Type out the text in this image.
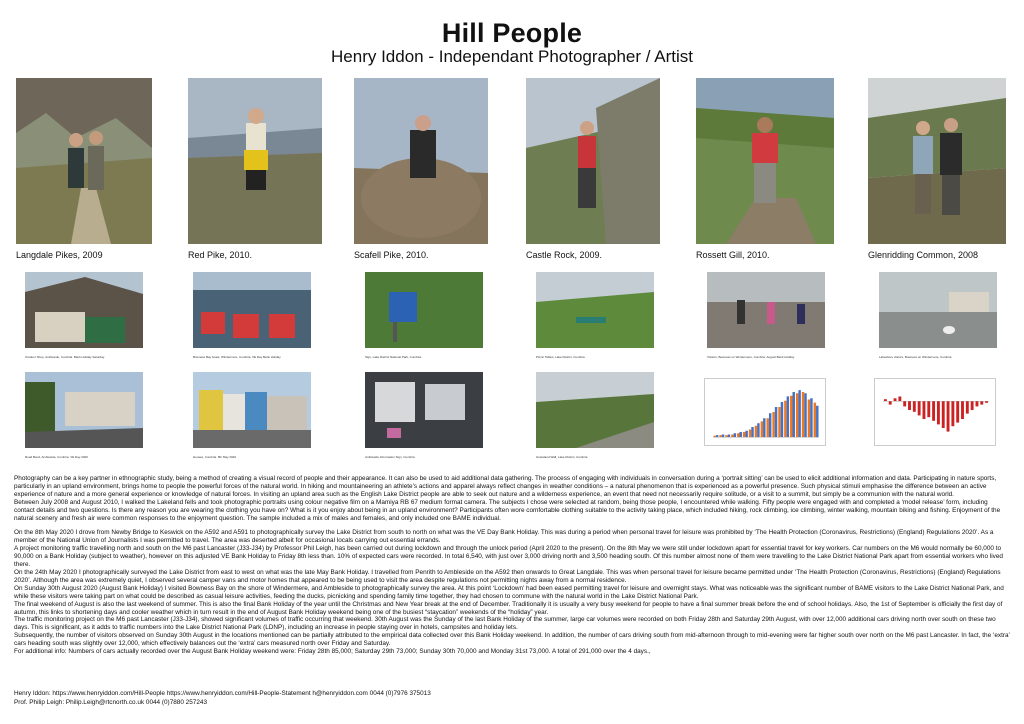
Hill People
Henry Iddon - Independant Photographer / Artist
Langdale Pikes, 2009	Red Pike, 2010.	Scafell Pike, 2010.	Castle Rock, 2009.	Rossett Gill, 2010.	Glenridding Common, 2008
Outdoor Shop, Ambleside, Cumbria. Bank Holiday Saturday	Bowness Bay boats, Windermere, Cumbria. VE Day Bank Holiday	Sign, Lake District National Park, Cumbria	Picnic Tables, Lake District, Cumbria	Visitors, Bowness on Windermere, Cumbria. August Bank Holiday	Lakeshore visitors, Bowness on Windermere, Cumbria
Road Bend, Ambleside, Cumbria. VE Day 2020	Houses, Cumbria. 8th May 2020	Ambleside Information Sign, Cumbria	Grassland Wall, Lake District, Cumbria

Photography can be a key partner in ethnographic study, being a method of creating a visual record of people and their appearance. It can also be used to aid additional data gathering. The process of engaging with individuals in conversation during a ‘portrait sitting’ can be used to elicit additional information and data. Participating in nature sports, particularly in an upland environment, brings home to people the powerful forces of the natural world. In hiking and mountaineering an athlete’s actions and apparel always reflect changes in weather conditions – a natural phenomenon that is experienced as a powerful presence. Such physical stimuli emphasise the difference between an active experience of nature and a more general experience or knowledge of natural forces. In visiting an upland area such as the English Lake District people are able to seek out nature and a wilderness experience, an event that need not necessarily require solitude, or a visit to a summit, but simply be a communion with the natural world.

Between July 2008 and August 2010, I walked the Lakeland fells and took photographic portraits using colour negative film on a Mamiya RB 67 medium format camera. The subjects I chose were selected at random, being those people, I encountered while walking. Fifty people were engaged with and completed a ‘model release’ form, including contact details and two questions. Is there any reason you are wearing the clothing you have on? What is it you enjoy about being in an upland environment? Participants often wore comfortable clothing suitable to the activity taking place, which included hiking, rock climbing, ice climbing, winter walking, mountain biking and fishing. Enjoyment of the natural scenery and fresh air were common responses to the enjoyment question. The sample included a mix of males and females, and only included one BAME individual.

On the 8th May 2020 I drove from Newby Bridge to Keswick on the A592 and A591 to photographically survey the Lake District from south to north on what was the VE Day Bank Holiday. This was during a period when personal travel for leisure was prohibited by ‘The Health Protection (Coronavirus, Restrictions) (England) Regulations 2020’. As a member of the National Union of Journalists I was permitted to travel. The area was deserted albeit for occasional locals carrying out essential errands.

A project monitoring traffic travelling north and south on the M6 past Lancaster (J33-J34) by Professor Phil Leigh, has been carried out during lockdown and through the unlock period (April 2020 to the present). On the 8th May we were still under lockdown apart for essential travel for key workers. Car numbers on the M6 would normally be 60,000 to 90,000 on a Bank Holiday (subject to weather), however on this adjusted VE Bank Holiday to Friday 8th less than. 10% of expected cars were recorded. In total 6,540, with just over 3,000 driving north and 3,500 heading south. Of this number almost none of them were travelling to the Lake District National Park apart from essential workers who lived there.

On the 24th May 2020 I photographically surveyed the Lake District from east to west on what was the late May Bank Holiday. I travelled from Penrith to Ambleside on the A592 then onwards to Great Langdale. This was when personal travel for leisure became permitted under ‘The Health Protection (Coronavirus, Restrictions) (England) Regulations 2020’. Although the area was extremely quiet, I observed several camper vans and motor homes that appeared to be being used to visit the area despite regulations not permitting nights away from a normal residence.

On Sunday 30th August 2020 (August Bank Holiday) I visited Bowness Bay on the shore of Windermere, and Ambleside to photographically survey the area. At this point ‘Lockdown’ had been eased permitting travel for leisure and overnight stays. What was noticeable was the significant number of BAME visitors to the Lake District National Park, and while these visitors were taking part on what could be described as casual leisure activities, feeding the ducks, picnicking and spending family time together, they had chosen to commune with the natural world in the Lake District National Park.

The final weekend of August is also the last weekend of summer. This is also the final Bank Holiday of the year until the Christmas and New Year break at the end of December. Traditionally it is usually a very busy weekend for people to have a final summer break before the end of school holidays. Also, the 1st of September is officially the first day of autumn, this links to shortening days and cooler weather which in turn result in the end of August Bank Holiday weekend being one of the busiest “staycation” weekends of the “holiday” year.

The traffic monitoring project on the M6 past Lancaster (J33-J34), showed significant volumes of traffic occurring that weekend. 30th August was the Sunday of the last Bank Holiday of the summer, large car volumes were recorded on both Friday 28th and Saturday 29th August, with over 12,000 additional cars driving north over south on these two days. This is significant, as it adds to traffic numbers into the Lake District National Park (LDNP), including an increase in people staying over in hotels, campsites and holiday lets.

Subsequently, the number of visitors observed on Sunday 30th August in the locations mentioned can be partially attributed to the empirical data collected over this Bank Holiday weekend. In addition, the number of cars driving south from mid-afternoon through to mid-evening were far higher south over north on the M6 past Lancaster. In fact, the ‘extra’ cars heading south was slightly over 12,000, which effectively balances out the ‘extra’ cars measured north over Friday and Saturday.

For additional info: Numbers of cars actually recorded over the August Bank Holiday weekend were: Friday 28th 85,000; Saturday 29th 73,000; Sunday 30th 70,000 and Monday 31st 73,000. A total of 291,000 over the 4 days.,

Henry Iddon: https://www.henryiddon.com/Hill-People https://www.henryiddon.com/Hill-People-Statement h@henryiddon.com 0044 (0)7976 375013
Prof. Philip Leigh: Philip.Leigh@rtcnorth.co.uk 0044 (0)7880 257243
